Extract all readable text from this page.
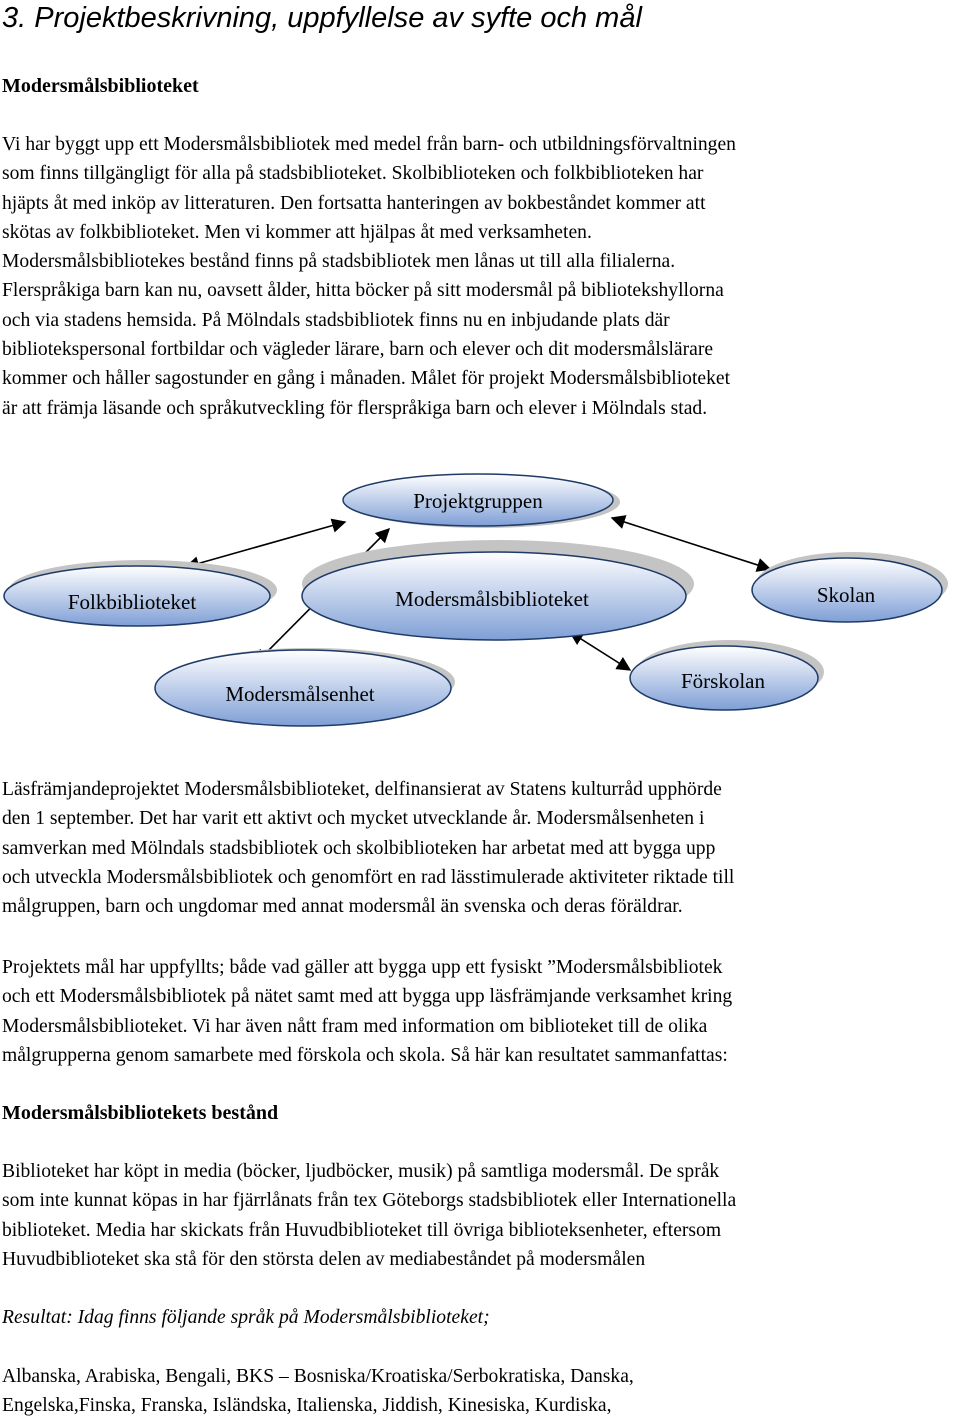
3. Projektbeskrivning, uppfyllelse av syfte och mål
Modersmålsbiblioteket

Vi har byggt upp ett Modersmålsbibliotek med medel från barn- och utbildningsförvaltningen
som finns tillgängligt för alla på stadsbiblioteket. Skolbiblioteken och folkbiblioteken har
hjäpts åt med inköp av litteraturen. Den fortsatta hanteringen av bokbeståndet kommer att
skötas av folkbiblioteket. Men vi kommer att hjälpas åt med verksamheten.
Modersmålsbibliotekes bestånd finns på stadsbibliotek men lånas ut till alla filialerna.
Flerspråkiga barn kan nu, oavsett ålder, hitta böcker på sitt modersmål på bibliotekshyllorna
och via stadens hemsida. På Mölndals stadsbibliotek finns nu en inbjudande plats där
bibliotekspersonal fortbildar och vägleder lärare, barn och elever och dit modersmålslärare
kommer och håller sagostunder en gång i månaden. Målet för projekt Modersmålsbiblioteket
är att främja läsande och språkutveckling för flerspråkiga barn och elever i Mölndals stad.

Projektgruppen
Folkbiblioteket	Modersmålsbiblioteket	Skolan
Modersmålsenhet
Förskolan

Läsfrämjandeprojektet Modersmålsbiblioteket, delfinansierat av Statens kulturråd upphörde
den 1 september. Det har varit ett aktivt och mycket utvecklande år. Modersmålsenheten i
samverkan med Mölndals stadsbibliotek och skolbiblioteken har arbetat med att bygga upp
och utveckla Modersmålsbibliotek och genomfört en rad lässtimulerade aktiviteter riktade till
målgruppen, barn och ungdomar med annat modersmål än svenska och deras föräldrar.

Projektets mål har uppfyllts; både vad gäller att bygga upp ett fysiskt ”Modersmålsbibliotek
och ett Modersmålsbibliotek på nätet samt med att bygga upp läsfrämjande verksamhet kring
Modersmålsbiblioteket. Vi har även nått fram med information om biblioteket till de olika
målgrupperna genom samarbete med förskola och skola. Så här kan resultatet sammanfattas:

Modersmålsbibliotekets bestånd

Biblioteket har köpt in media (böcker, ljudböcker, musik) på samtliga modersmål. De språk
som inte kunnat köpas in har fjärrlånats från tex Göteborgs stadsbibliotek eller Internationella
biblioteket. Media har skickats från Huvudbiblioteket till övriga biblioteksenheter, eftersom
Huvudbiblioteket ska stå för den största delen av mediabeståndet på modersmålen

Resultat: Idag finns följande språk på Modersmålsbiblioteket;

Albanska, Arabiska, Bengali, BKS – Bosniska/Kroatiska/Serbokratiska, Danska,
Engelska,Finska, Franska, Isländska, Italienska, Jiddish, Kinesiska, Kurdiska,
